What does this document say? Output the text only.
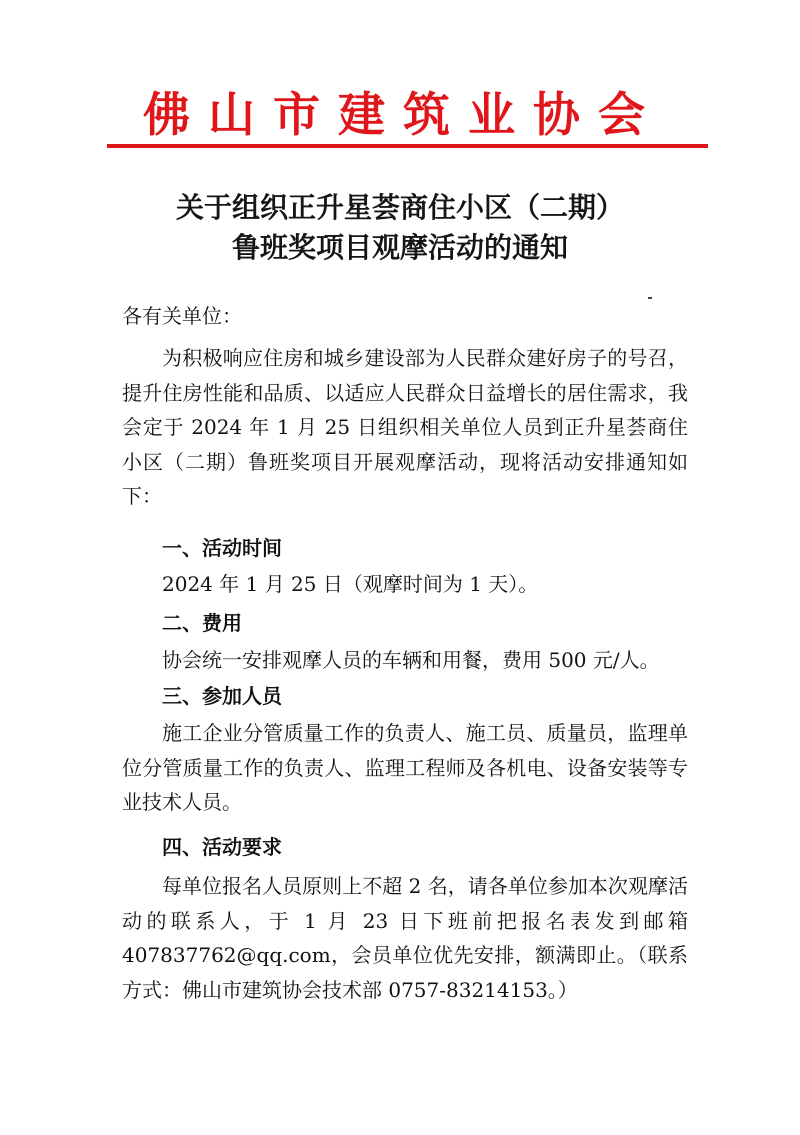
佛山市建筑业协会
关于组织正升星荟商住小区（二期）
鲁班奖项目观摩活动的通知
各有关单位：
为积极响应住房和城乡建设部为人民群众建好房子的号召，提升住房性能和品质、以适应人民群众日益增长的居住需求，我会定于 2024 年 1 月 25 日组织相关单位人员到正升星荟商住小区（二期）鲁班奖项目开展观摩活动，现将活动安排通知如下：
一、活动时间
2024 年 1 月 25 日（观摩时间为 1 天）。
二、费用
协会统一安排观摩人员的车辆和用餐，费用 500 元/人。
三、参加人员
施工企业分管质量工作的负责人、施工员、质量员，监理单位分管质量工作的负责人、监理工程师及各机电、设备安装等专业技术人员。
四、活动要求
每单位报名人员原则上不超 2 名，请各单位参加本次观摩活动的联系人，于 1 月 23 日下班前把报名表发到邮箱 407837762@qq.com，会员单位优先安排，额满即止。（联系方式：佛山市建筑协会技术部 0757-83214153。）
